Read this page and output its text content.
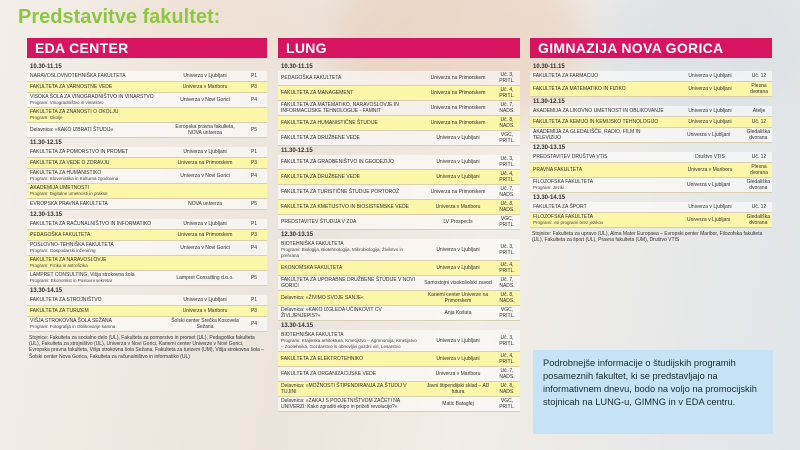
Predstavitve fakultet:
EDA CENTER	LUNG	GIMNAZIJA NOVA GORICA
10.30-11.15
NARAVOSLOVNOTEHNIŠKA FAKULTETA	Univerza v Ljubljani	P1
FAKULTETA ZA VARNOSTNE VEDE	Univerza v Mariboru	P3
VISOKA ŠOLA ZA VINOGRADNIŠTVO IN VINARSTVO
Program: Vinogradništvo in vinarstvo	Univerza v Novi Gorici	P4
FAKULTETA ZA ZNANOSTI O OKOLJU
Program: Okolje
Delavnica: »KAKO IZBRATI ŠTUDIJ«	Evropska pravna fakulteta, NOVA univerza	P5
11.30-12.15
FAKULTETA ZA POMORSTVO IN PROMET	Univerza v Ljubljani	P1
FAKULTETA ZA VEDE O ZDRAVJU	Univerza na Primorskem	P3
FAKULTETA ZA HUMANISTIKO
Program: Slovenistika in Kulturna zgodovina	Univerza v Novi Gorici	P4
AKADEMIJA UMETNOSTI
Program: Digitalne umetnosti in prakse
EVROPSKA PRAVNA FAKULTETA	NOVA univerza	P5
12.30-13.15
FAKULTETA ZA RAČUNALNIŠTVO IN INFORMATIKO	Univerza v Ljubljani	P1
PEDAGOŠKA FAKULTETA	Univerza na Primorskem	P3
POSLOVNO-TEHNIŠKA FAKULTETA
Program: Gospodarski inženiring	Univerza v Novi Gorici	P4
FAKULTETA ZA NARAVOSLOVJE
Program: Fizika in astrofizika
LAMPRET CONSULTING, Višja strokovna šola
Programi: Ekonomist in Poslovni sekretar	Lampret Consulting d.o.o.	P5
13.30-14.15
FAKULTETA ZA STROJNIŠTVO	Univerza v Ljubljani	P1
FAKULTETA ZA TURIZEM	Univerza v Mariboru	P3
VIŠJA STROKOVNA ŠOLA SEŽANA
Program: Fotografija in Oblikovanje kamna
Šolski center Srečka Kosovela Sežana	P4
Stojnice: Fakulteta za socialno delo (UL), Fakulteta za pomorstvo in promet (UL), Pedagoška fakulteta (UL), Fakulteta za strojništvo (UL), Univerza v Novi Gorici, Kariemi center Univerze v Novi Gorici, Evropska pravna fakulteta, Višja strokovna šola Sežana, Fakulteta za turizem (UM), Višja strokovna šola – Šolski center Nova Gorica, Fakulteta za računalništvo in informatiko (UL)
10.30-11.15
PEDAGOŠKA FAKULTETA	Univerza na Primorskem	Uč. 3, PRITL.
FAKULTETA ZA MANAGEMENT	Univerza na Primorskem	Uč. 4, PRITL.
FAKULTETA ZA MATEMATIKO, NARAVOSLOVJE IN INFORMACIJSKE TEHNOLOGIJE - FAMNIT	Univerza na Primorskem	Uč. 7, NADS.
FAKULTETA ZA HUMANISTIČNE ŠTUDIJE	Univerza na Primorskem	Uč. 8, NADS.
FAKULTETA ZA DRUŽBENE VEDE	Univerza v Ljubljani	VGC, PRITL.
11.30-12.15
FAKULTETA ZA GRADBENIŠTVO IN GEODEZIJO	Univerza v Ljubljani	Uč. 3, PRITL.
FAKULTETA ZA DRUŽBENE VEDE	Univerza v Ljubljani	Uč. 4, PRITL.
FAKULTETA ZA TURISTIČNE ŠTUDIJE PORTOROŽ	Univerza na Primorskem	Uč. 7, NADS.
FAKULTETA ZA KMETIJSTVO IN BIOSISTEMSKE VEDE	Univerza v Mariboru	Uč. 8, NADS.
PREDSTAVITEV ŠTUDIJA V ZDA	LV Prospects	VGC, PRITL.
12.30-13.15
BIOTEHNIŠKA FAKULTETA
Programi: Biologija, Biotehnologija, Mikrobiologija, Živilstvo in prehrana
Univerza v Ljubljani	Uč. 3, PRITL.
EKONOMSKA FAKULTETA	Univerza v Ljubljani	Uč. 4, PRITL.
FAKULTETA ZA UPORABNE DRUŽBENE ŠTUDIJE V NOVI GORICI	Samostojni visokošolski zavod	Uč. 7, NADS.
Delavnica: »ŽIVIMO SVOJE SANJE«	Kariemi center Univerze na Primorskem
Uč. 8, NADS.
Delavnica: »KAKO IZGLEDA UČINKOVIT CV ŽIVLJENJEPIS?«	Anja Košuta	VGC, PRITL.
13.30-14.15
BIOTEHNIŠKA FAKULTETA
Programi: Krajinska arhitektura, Kmetijstvo – Agronomija, Kmetijstvo – Zootehnika, Gozdarstvo in obnovljivi gozdni viri, Lesarstvo
Univerza v Ljubljani	Uč. 3, PRITL.
FAKULTETA ZA ELEKTROTEHNIKO	Univerza v Ljubljani	Uč. 4, PRITL.
FAKULTETA ZA ORGANIZACIJSKE VEDE	Univerza v Mariboru	Uč. 7, NADS.
Delavnica: »MOŽNOSTI ŠTIPENDIRANJA ZA ŠTUDIJ V TUJINI
Javni štipendijski sklad – AD futura
Uč. 8, NADS.
Delavnica: »ZAKAJ S PODJETNIŠTVOM ZAČETI NA UNIVERZI: Kako zgraditi ekipo in prižeti revolucijo?«	Matic Bataglej	VGC, PRITL.
10.30-11.15
FAKULTETA ZA FARMACIJO	Univerza v Ljubljani	Uč. 12
FAKULTETA ZA MATEMATIKO IN FIZIKO	Univerza v Ljubljani	Plesna dvorana
11.30-12.15
AKADEMIJA ZA LIKOVNO UMETNOST IN OBLIKOVANJE	Univerza v Ljubljani	Atelje
FAKULTETA ZA KEMIJO IN KEMIJSKO TEHNOLOGIJO	Univerza v Ljubljani	Uč. 12
AKADEMIJA ZA GLEDALIŠČE, RADIO, FILM IN TELEVIZIJO	Univerza v Ljubljani	Gledališka dvorana
12.30-13.15
PREDSTAVITEV DRUŠTVA VTIS	Društvo VTIS	Uč. 12
PRAVNA FAKULTETA	Univerza v Mariboru	Plesna dvorana
FILOZOFSKA FAKULTETA
Program: Jeziki	Univerza v Ljubljani	Gledališka dvorana
13.30-14.15
FAKULTETA ZA ŠPORT	Univerza v Ljubljani	Uč. 12
FILOZOFSKA FAKULTETA
Programi: vsi programi brez jezikov	Univerza v Ljubljani	Gledališka dvorana
Stojnice: Fakulteta za upravo (UL), Alma Mater Europaea – Evropski center Maribor, Filozofska fakulteta (UL), Fakulteta za šport (UL), Pravna fakulteta (UM), Društvo VTIS
Podrobnejše informacije o študijskih programih posameznih fakultet, ki se predstavljajo na informativnem dnevu, bodo na voljo na promocijskih stojnicah na LUNG-u, GIMNG in v EDA centru.
